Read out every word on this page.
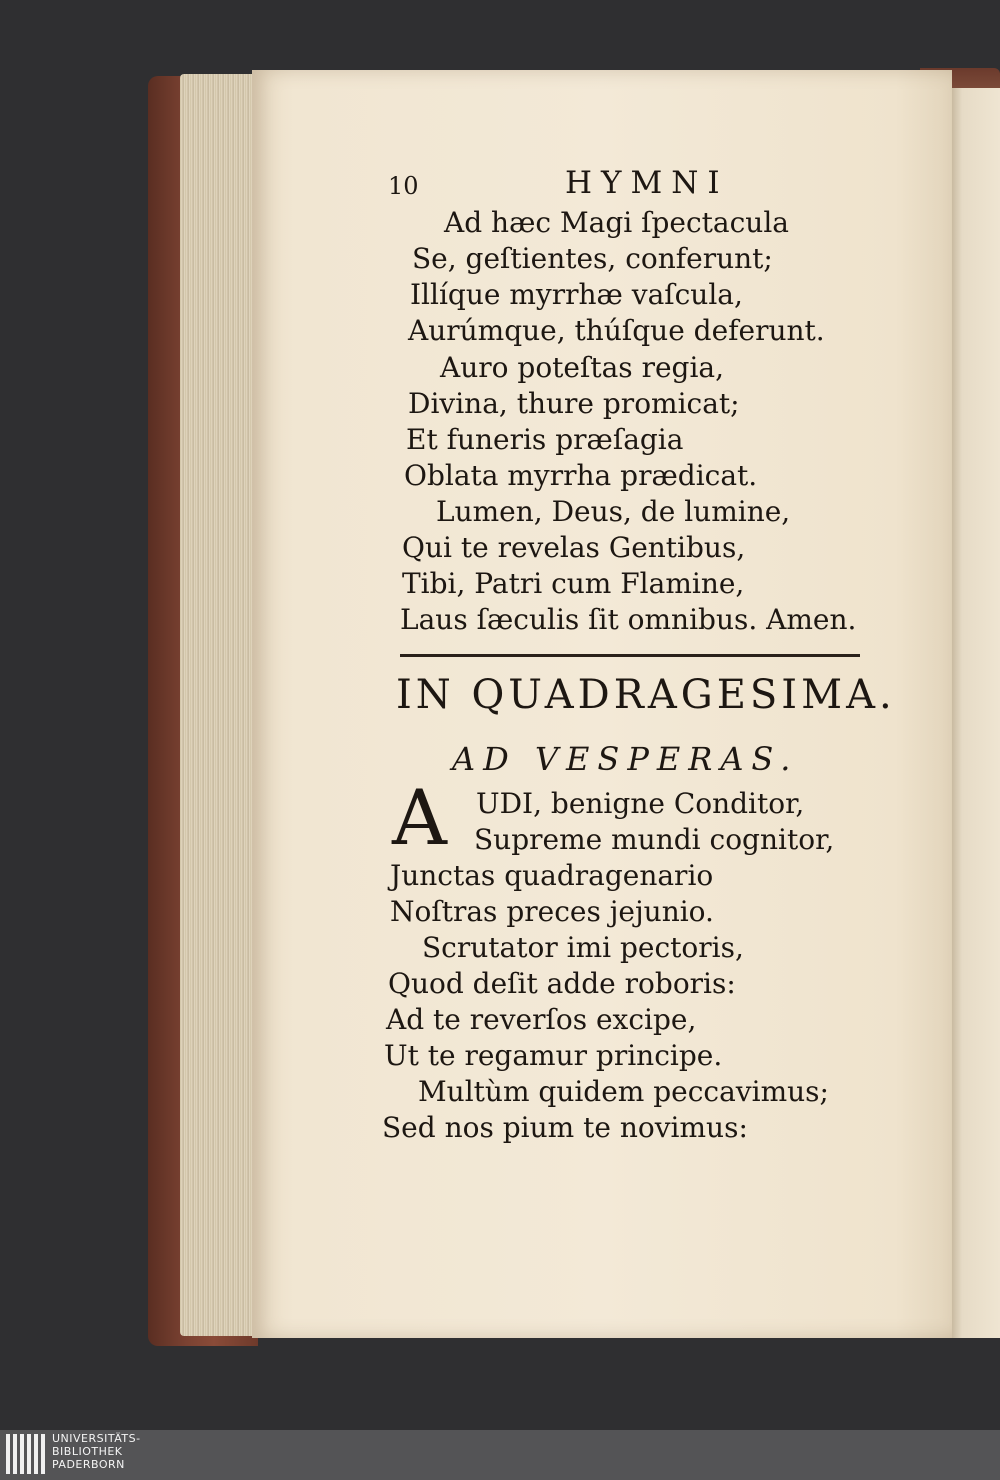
10	HYMNI
Ad hæc Magi ſpectacula
Se, geſtientes, conferunt;
Illíque myrrhæ vaſcula,
Aurúmque, thúſque deferunt.
Auro poteſtas regia,
Divina, thure promicat;
Et funeris præſagia
Oblata myrrha prædicat.
Lumen, Deus, de lumine,
Qui te revelas Gentibus,
Tibi, Patri cum Flamine,
Laus ſæculis ſit omnibus. Amen.
IN QUADRAGESIMA.
AD VESPERAS.
A UDI, benigne Conditor,
Supreme mundi cognitor,
Junctas quadragenario
Noſtras preces jejunio.
Scrutator imi pectoris,
Quod deſit adde roboris:
Ad te reverſos excipe,
Ut te regamur principe.
Multùm quidem peccavimus;
Sed nos pium te novimus:
UNIVERSITÄTS-
BIBLIOTHEK
PADERBORN
